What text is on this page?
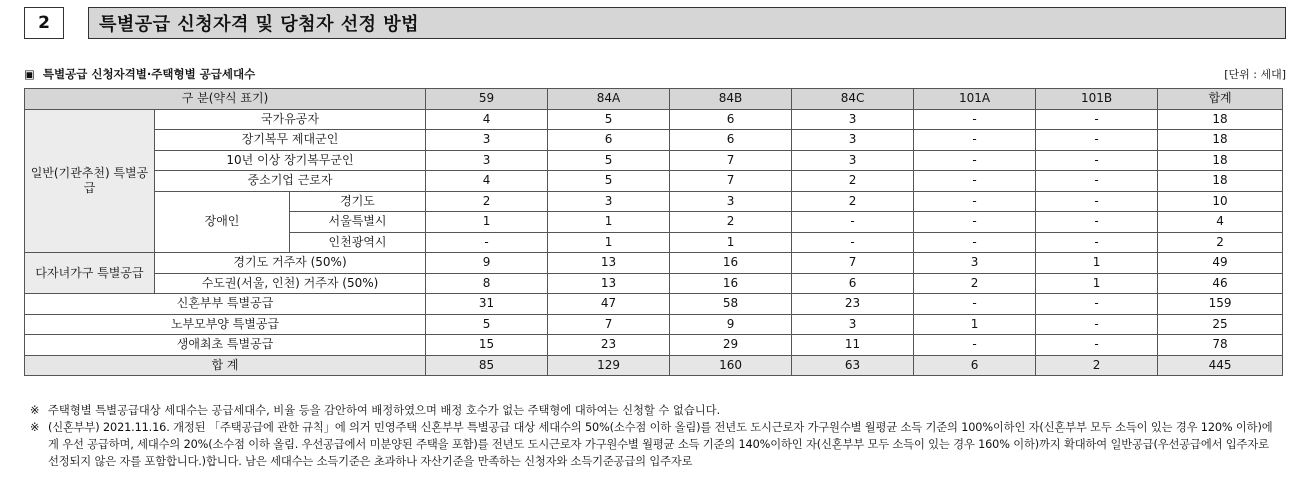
2	특별공급 신청자격 및 당첨자 선정 방법
▣ 특별공급 신청자격별·주택형별 공급세대수	[단위 : 세대]
구 분(약식 표기)			59	84A	84B	84C	101A	101B	합계
일반(기관추천) 특별공급	국가유공자		4	5	6	3	-	-	18
	장기복무 제대군인		3	6	6	3	-	-	18
	10년 이상 장기복무군인		3	5	7	3	-	-	18
	중소기업 근로자		4	5	7	2	-	-	18
	장애인	경기도	2	3	3	2	-	-	10
		서울특별시	1	1	2	-	-	-	4
		인천광역시	-	1	1	-	-	-	2
다자녀가구 특별공급	경기도 거주자 (50%)		9	13	16	7	3	1	49
	수도권(서울, 인천) 거주자 (50%)		8	13	16	6	2	1	46
신혼부부 특별공급			31	47	58	23	-	-	159
노부모부양 특별공급			5	7	9	3	1	-	25
생애최초 특별공급			15	23	29	11	-	-	78
합 계			85	129	160	63	6	2	445
※ 주택형별 특별공급대상 세대수는 공급세대수, 비율 등을 감안하여 배정하였으며 배정 호수가 없는 주택형에 대하여는 신청할 수 없습니다.
※ (신혼부부) 2021.11.16. 개정된 「주택공급에 관한 규칙」에 의거 민영주택 신혼부부 특별공급 대상 세대수의 50%(소수점 이하 올림)를 전년도 도시근로자 가구원수별 월평균 소득 기준의 100%이하인 자(신혼부부 모두 소득이 있는 경우 120% 이하)에게 우선 공급하며, 세대수의 20%(소수점 이하 올림. 우선공급에서 미분양된 주택을 포함)를 전년도 도시근로자 가구원수별 월평균 소득 기준의 140%이하인 자(신혼부부 모두 소득이 있는 경우 160% 이하)까지 확대하여 일반공급(우선공급에서 입주자로 선정되지 않은 자를 포함합니다.)합니다. 남은 세대수는 소득기준은 초과하나 자산기준을 만족하는 신청자와 소득기준공급의 입주자로
